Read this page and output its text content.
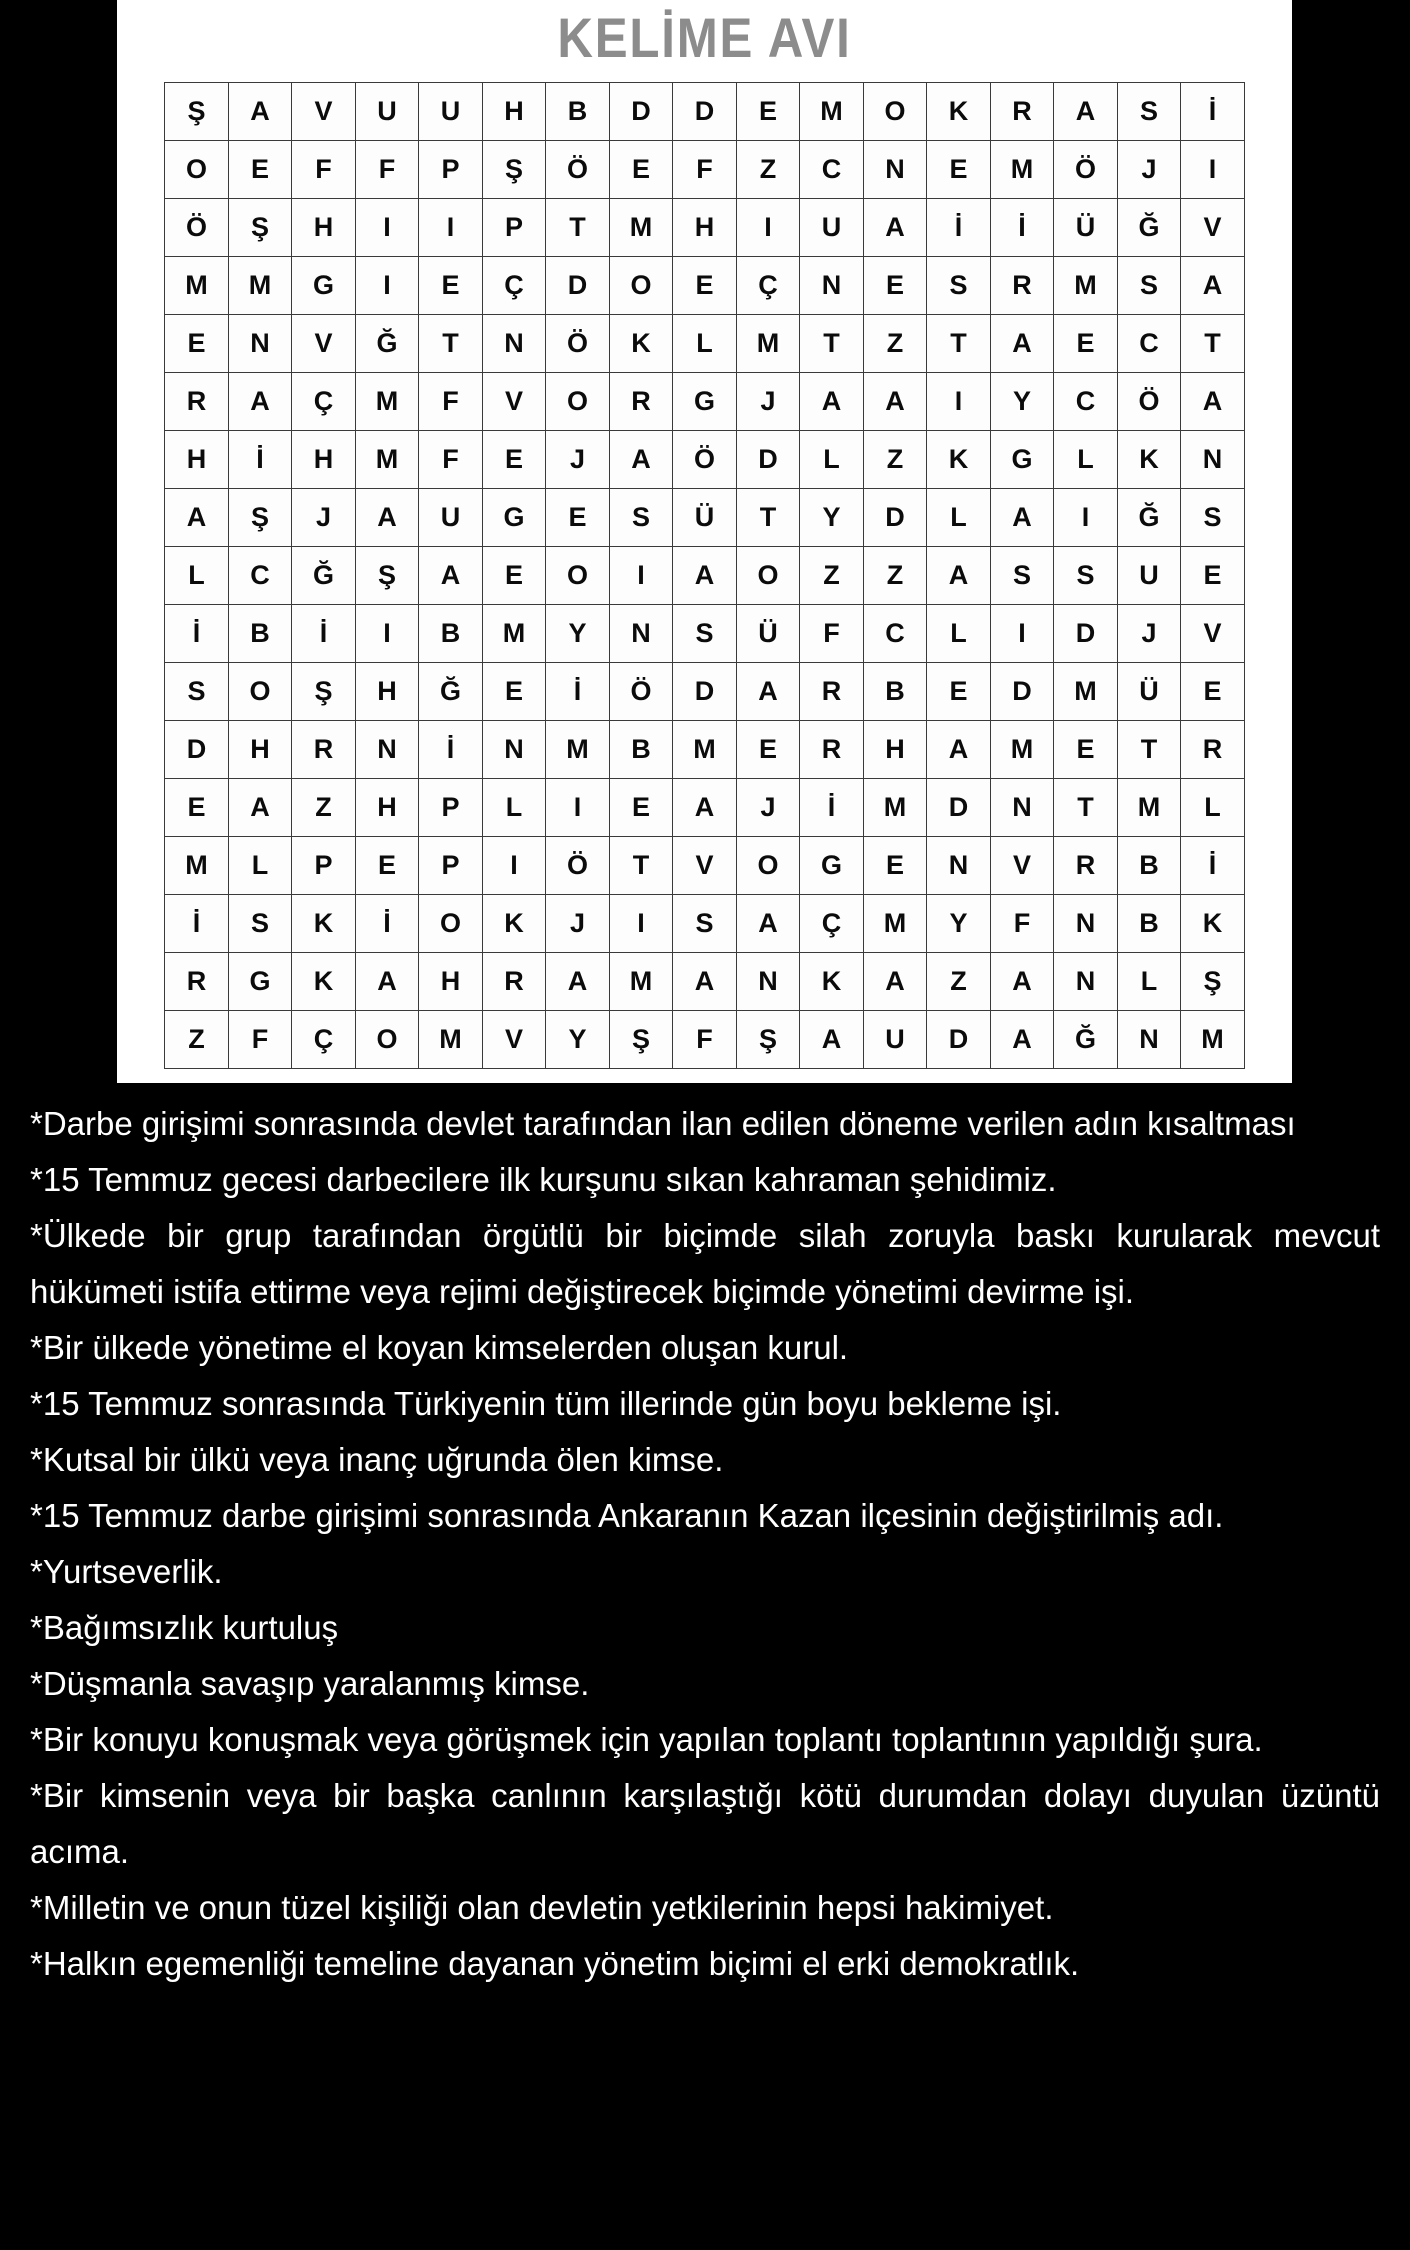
KELİME AVI
Ş	A	V	U	U	H	B	D	D	E	M	O	K	R	A	S	İ
O	E	F	F	P	Ş	Ö	E	F	Z	C	N	E	M	Ö	J	I
Ö	Ş	H	I	I	P	T	M	H	I	U	A	İ	İ	Ü	Ğ	V
M	M	G	I	E	Ç	D	O	E	Ç	N	E	S	R	M	S	A
E	N	V	Ğ	T	N	Ö	K	L	M	T	Z	T	A	E	C	T
R	A	Ç	M	F	V	O	R	G	J	A	A	I	Y	C	Ö	A
H	İ	H	M	F	E	J	A	Ö	D	L	Z	K	G	L	K	N
A	Ş	J	A	U	G	E	S	Ü	T	Y	D	L	A	I	Ğ	S
L	C	Ğ	Ş	A	E	O	I	A	O	Z	Z	A	S	S	U	E
İ	B	İ	I	B	M	Y	N	S	Ü	F	C	L	I	D	J	V
S	O	Ş	H	Ğ	E	İ	Ö	D	A	R	B	E	D	M	Ü	E
D	H	R	N	İ	N	M	B	M	E	R	H	A	M	E	T	R
E	A	Z	H	P	L	I	E	A	J	İ	M	D	N	T	M	L
M	L	P	E	P	I	Ö	T	V	O	G	E	N	V	R	B	İ
İ	S	K	İ	O	K	J	I	S	A	Ç	M	Y	F	N	B	K
R	G	K	A	H	R	A	M	A	N	K	A	Z	A	N	L	Ş
Z	F	Ç	O	M	V	Y	Ş	F	Ş	A	U	D	A	Ğ	N	M

*Darbe girişimi sonrasında devlet tarafından ilan edilen döneme verilen adın kısaltması

*15 Temmuz gecesi darbecilere ilk kurşunu sıkan kahraman şehidimiz.

*Ülkede bir grup tarafından örgütlü bir biçimde silah zoruyla baskı kurularak mevcut hükümeti istifa ettirme veya rejimi değiştirecek biçimde yönetimi devirme işi.

*Bir ülkede yönetime el koyan kimselerden oluşan kurul.

*15 Temmuz sonrasında Türkiyenin tüm illerinde gün boyu bekleme işi.

*Kutsal bir ülkü veya inanç uğrunda ölen kimse.

*15 Temmuz darbe girişimi sonrasında Ankaranın Kazan ilçesinin değiştirilmiş adı.

*Yurtseverlik.

*Bağımsızlık kurtuluş

*Düşmanla savaşıp yaralanmış kimse.

*Bir konuyu konuşmak veya görüşmek için yapılan toplantı toplantının yapıldığı şura.

*Bir kimsenin veya bir başka canlının karşılaştığı kötü durumdan dolayı duyulan üzüntü acıma.

*Milletin ve onun tüzel kişiliği olan devletin yetkilerinin hepsi hakimiyet.

*Halkın egemenliği temeline dayanan yönetim biçimi el erki demokratlık.
